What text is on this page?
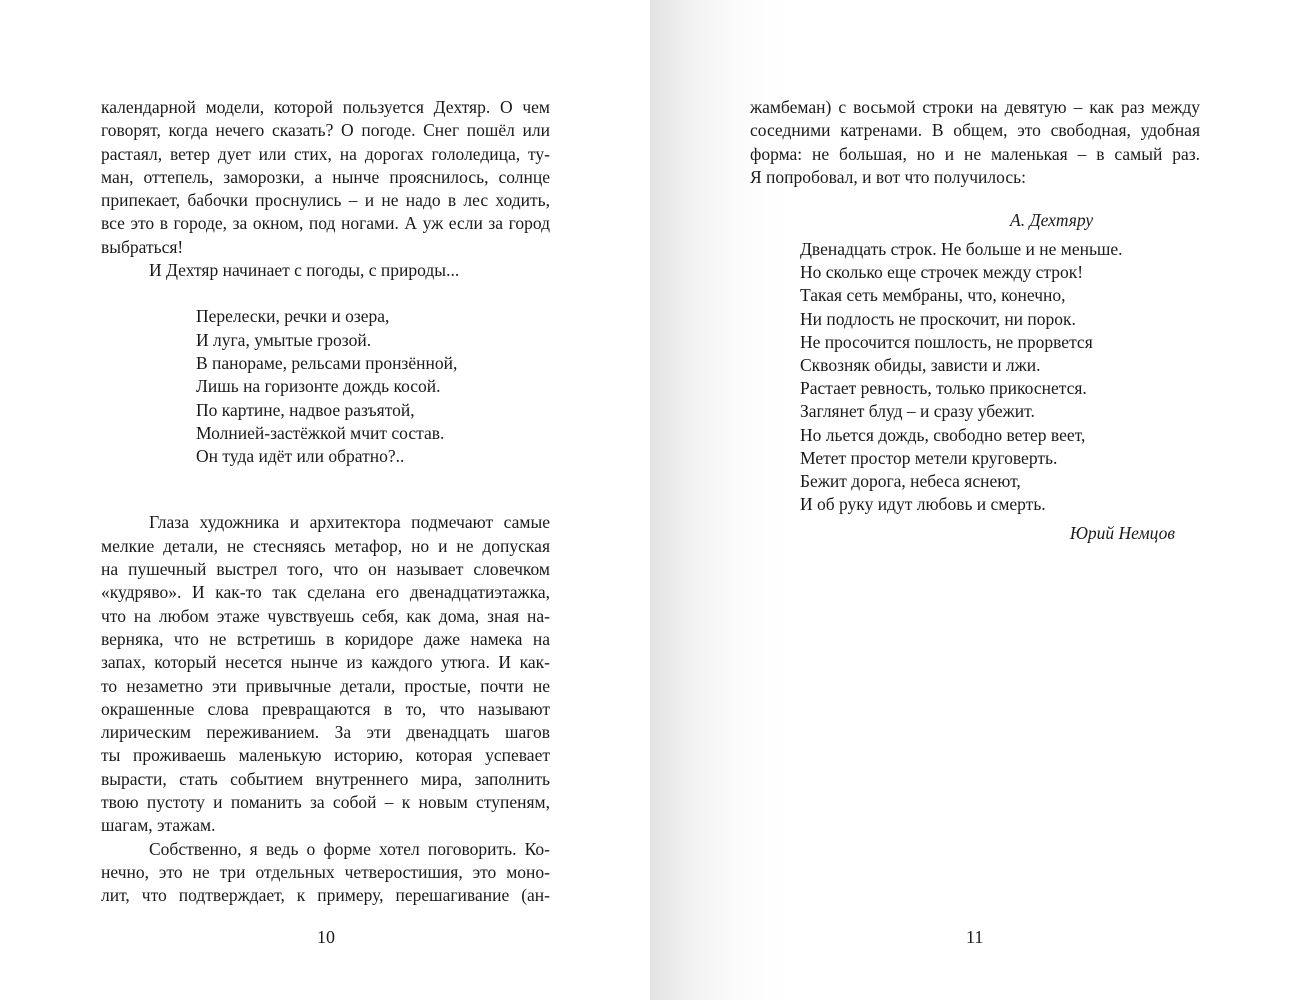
календарной модели, которой пользуется Дехтяр. О чем
говорят, когда нечего сказать? О погоде. Снег пошёл или
растаял, ветер дует или стих, на дорогах гололедица, ту-
ман, оттепель, заморозки, а нынче прояснилось, солнце
припекает, бабочки проснулись – и не надо в лес ходить,
все это в городе, за окном, под ногами. А уж если за город
выбраться!
И Дехтяр начинает с погоды, с природы...
Перелески, речки и озера,
И луга, умытые грозой.
В панораме, рельсами пронзённой,
Лишь на горизонте дождь косой.
По картине, надвое разъятой,
Молнией-застёжкой мчит состав.
Он туда идёт или обратно?..
Глаза художника и архитектора подмечают самые
мелкие детали, не стесняясь метафор, но и не допуская
на пушечный выстрел того, что он называет словечком
«кудряво». И как-то так сделана его двенадцатиэтажка,
что на любом этаже чувствуешь себя, как дома, зная на-
верняка, что не встретишь в коридоре даже намека на
запах, который несется нынче из каждого утюга. И как-
то незаметно эти привычные детали, простые, почти не
окрашенные слова превращаются в то, что называют
лирическим переживанием. За эти двенадцать шагов
ты проживаешь маленькую историю, которая успевает
вырасти, стать событием внутреннего мира, заполнить
твою пустоту и поманить за собой – к новым ступеням,
шагам, этажам.
Собственно, я ведь о форме хотел поговорить. Ко-
нечно, это не три отдельных четверостишия, это моно-
лит, что подтверждает, к примеру, перешагивание (ан-
10
жамбеман) с восьмой строки на девятую – как раз между
соседними катренами. В общем, это свободная, удобная
форма: не большая, но и не маленькая – в самый раз.
Я попробовал, и вот что получилось:
А. Дехтяру
Двенадцать строк. Не больше и не меньше.
Но сколько еще строчек между строк!
Такая сеть мембраны, что, конечно,
Ни подлость не проскочит, ни порок.
Не просочится пошлость, не прорвется
Сквозняк обиды, зависти и лжи.
Растает ревность, только прикоснется.
Заглянет блуд – и сразу убежит.
Но льется дождь, свободно ветер веет,
Метет простор метели круговерть.
Бежит дорога, небеса яснеют,
И об руку идут любовь и смерть.
Юрий Немцов
11
